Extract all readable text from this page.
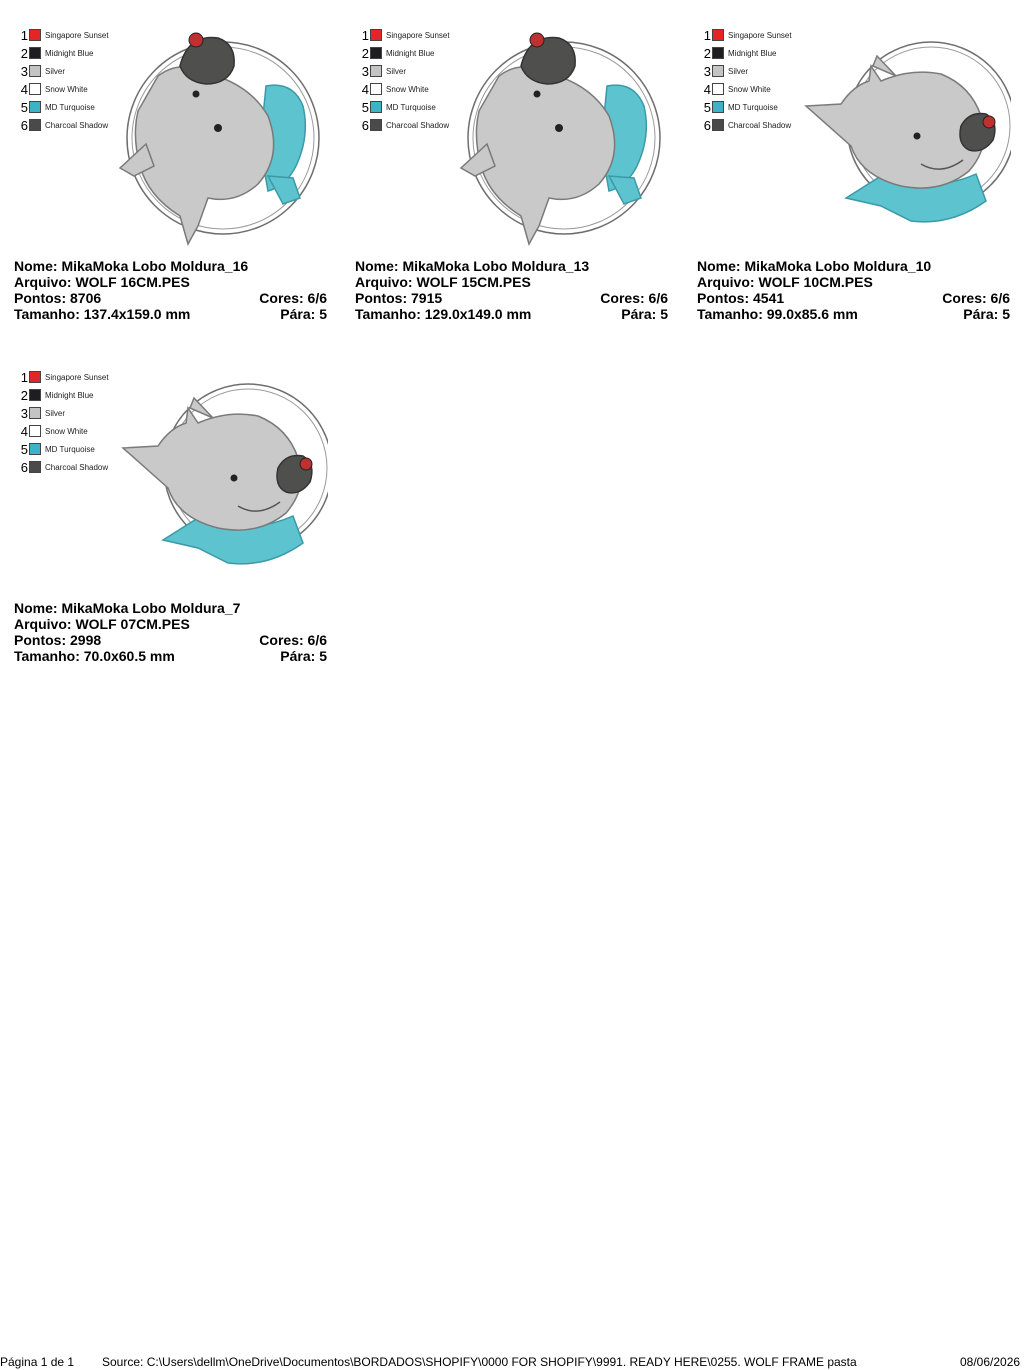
1 Singapore Sunset
2 Midnight Blue
3 Silver
4 Snow White
5 MD Turquoise
6 Charcoal Shadow
Nome: MikaMoka Lobo Moldura_16
Arquivo: WOLF 16CM.PES
Pontos: 8706	Cores: 6/6
Tamanho: 137.4x159.0 mm	Pára: 5
1 Singapore Sunset
2 Midnight Blue
3 Silver
4 Snow White
5 MD Turquoise
6 Charcoal Shadow
Nome: MikaMoka Lobo Moldura_13
Arquivo: WOLF 15CM.PES
Pontos: 7915	Cores: 6/6
Tamanho: 129.0x149.0 mm	Pára: 5
1 Singapore Sunset
2 Midnight Blue
3 Silver
4 Snow White
5 MD Turquoise
6 Charcoal Shadow
Nome: MikaMoka Lobo Moldura_10
Arquivo: WOLF 10CM.PES
Pontos: 4541	Cores: 6/6
Tamanho: 99.0x85.6 mm	Pára: 5
1 Singapore Sunset
2 Midnight Blue
3 Silver
4 Snow White
5 MD Turquoise
6 Charcoal Shadow
Nome: MikaMoka Lobo Moldura_7
Arquivo: WOLF 07CM.PES
Pontos: 2998	Cores: 6/6
Tamanho: 70.0x60.5 mm	Pára: 5
Página 1 de 1 Source: C:\Users\dellm\OneDrive\Documentos\BORDADOS\SHOPIFY\0000 FOR SHOPIFY\9991. READY HERE\0255. WOLF FRAME pasta	08/06/2026
